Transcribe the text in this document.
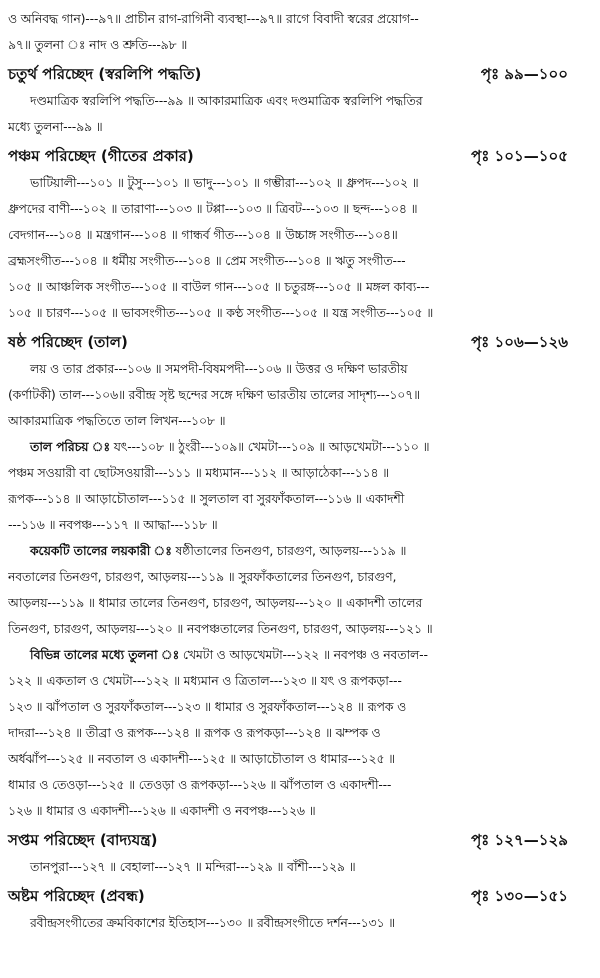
ও অনিবদ্ধ গান)---৯৭॥ প্রাচীন রাগ-রাগিনী ব্যবস্থা---৯৭॥ রাগে বিবাদী স্বরের প্রয়োগ--
৯৭॥ তুলনা ঃ নাদ ও শ্রুতি---৯৮ ॥
চতুর্থ পরিচ্ছেদ (স্বরলিপি পদ্ধতি)	পৃঃ ৯৯—১০০
দণ্ডমাত্রিক স্বরলিপি পদ্ধতি---৯৯ ॥ আকারমাত্রিক এবং দণ্ডমাত্রিক স্বরলিপি পদ্ধতির
মধ্যে তুলনা---৯৯ ॥
পঞ্চম পরিচ্ছেদ (গীতের প্রকার)	পৃঃ ১০১—১০৫
ভাটিয়ালী---১০১ ॥ টুসু---১০১ ॥ ভাদু---১০১ ॥ গম্ভীরা---১০২ ॥ ধ্রুপদ---১০২ ॥
ধ্রুপদের বাণী---১০২ ॥ তারাণা---১০৩ ॥ টপ্পা---১০৩ ॥ ত্রিবট---১০৩ ॥ ছন্দ---১০৪ ॥
বেদগান---১০৪ ॥ মন্ত্রগান---১০৪ ॥ গান্ধর্ব গীত---১০৪ ॥ উচ্চাঙ্গ সংগীত---১০৪॥
ব্রহ্মসংগীত---১০৪ ॥ ধর্মীয় সংগীত---১০৪ ॥ প্রেম সংগীত---১০৪ ॥ ঋতু সংগীত---
১০৫ ॥ আঞ্চলিক সংগীত---১০৫ ॥ বাউল গান---১০৫ ॥ চতুরঙ্গ---১০৫ ॥ মঙ্গল কাব্য---
১০৫ ॥ চারণ---১০৫ ॥ ভাবসংগীত---১০৫ ॥ কণ্ঠ সংগীত---১০৫ ॥ যন্ত্র সংগীত---১০৫ ॥
ষষ্ঠ পরিচ্ছেদ (তাল)	পৃঃ ১০৬—১২৬
লয় ও তার প্রকার---১০৬ ॥ সমপদী-বিষমপদী---১০৬ ॥ উত্তর ও দক্ষিণ ভারতীয়
(কর্ণাটকী) তাল---১০৬॥ রবীন্দ্র সৃষ্ট ছন্দের সঙ্গে দক্ষিণ ভারতীয় তালের সাদৃশ্য---১০৭॥
আকারমাত্রিক পদ্ধতিতে তাল লিখন---১০৮ ॥
তাল পরিচয় ঃ যৎ---১০৮ ॥ ঠুংরী---১০৯॥ খেমটা---১০৯ ॥ আড়খেমটা---১১০ ॥
পঞ্চম সওয়ারী বা ছোটসওয়ারী---১১১ ॥ মধ্যমান---১১২ ॥ আড়াঠেকা---১১৪ ॥
রূপক---১১৪ ॥ আড়াচৌতাল---১১৫ ॥ সুলতাল বা সুরফাঁকতাল---১১৬ ॥ একাদশী
---১১৬ ॥ নবপঞ্চ---১১৭ ॥ আদ্ধা---১১৮ ॥
কয়েকটি তালের লয়কারী ঃ ষষ্ঠীতালের তিনগুণ, চারগুণ, আড়লয়---১১৯ ॥
নবতালের তিনগুণ, চারগুণ, আড়লয়---১১৯ ॥ সুরফাঁকতালের তিনগুণ, চারগুণ,
আড়লয়---১১৯ ॥ ধামার তালের তিনগুণ, চারগুণ, আড়লয়---১২০ ॥ একাদশী তালের
তিনগুণ, চারগুণ, আড়লয়---১২০ ॥ নবপঞ্চতালের তিনগুণ, চারগুণ, আড়লয়---১২১ ॥
বিভিন্ন তালের মধ্যে তুলনা ঃ খেমটা ও আড়খেমটা---১২২ ॥ নবপঞ্চ ও নবতাল--
১২২ ॥ একতাল ও খেমটা---১২২ ॥ মধ্যমান ও ত্রিতাল---১২৩ ॥ যৎ ও রূপকড়া---
১২৩ ॥ ঝাঁপতাল ও সুরফাঁকতাল---১২৩ ॥ ধামার ও সুরফাঁকতাল---১২৪ ॥ রূপক ও
দাদরা---১২৪ ॥ তীব্রা ও রূপক---১২৪ ॥ রূপক ও রূপকড়া---১২৪ ॥ ঝম্পক ও
অর্ধঝাঁপ---১২৫ ॥ নবতাল ও একাদশী---১২৫ ॥ আড়াচৌতাল ও ধামার---১২৫ ॥
ধামার ও তেওড়া---১২৫ ॥ তেওড়া ও রূপকড়া---১২৬ ॥ ঝাঁপতাল ও একাদশী---
১২৬ ॥ ধামার ও একাদশী---১২৬ ॥ একাদশী ও নবপঞ্চ---১২৬ ॥
সপ্তম পরিচ্ছেদ (বাদ্যযন্ত্র)	পৃঃ ১২৭—১২৯
তানপুরা---১২৭ ॥ বেহালা---১২৭ ॥ মন্দিরা---১২৯ ॥ বাঁশী---১২৯ ॥
অষ্টম পরিচ্ছেদ (প্রবন্ধ)	পৃঃ ১৩০—১৫১
রবীন্দ্রসংগীতের ক্রমবিকাশের ইতিহাস---১৩০ ॥ রবীন্দ্রসংগীতে দর্শন---১৩১ ॥
